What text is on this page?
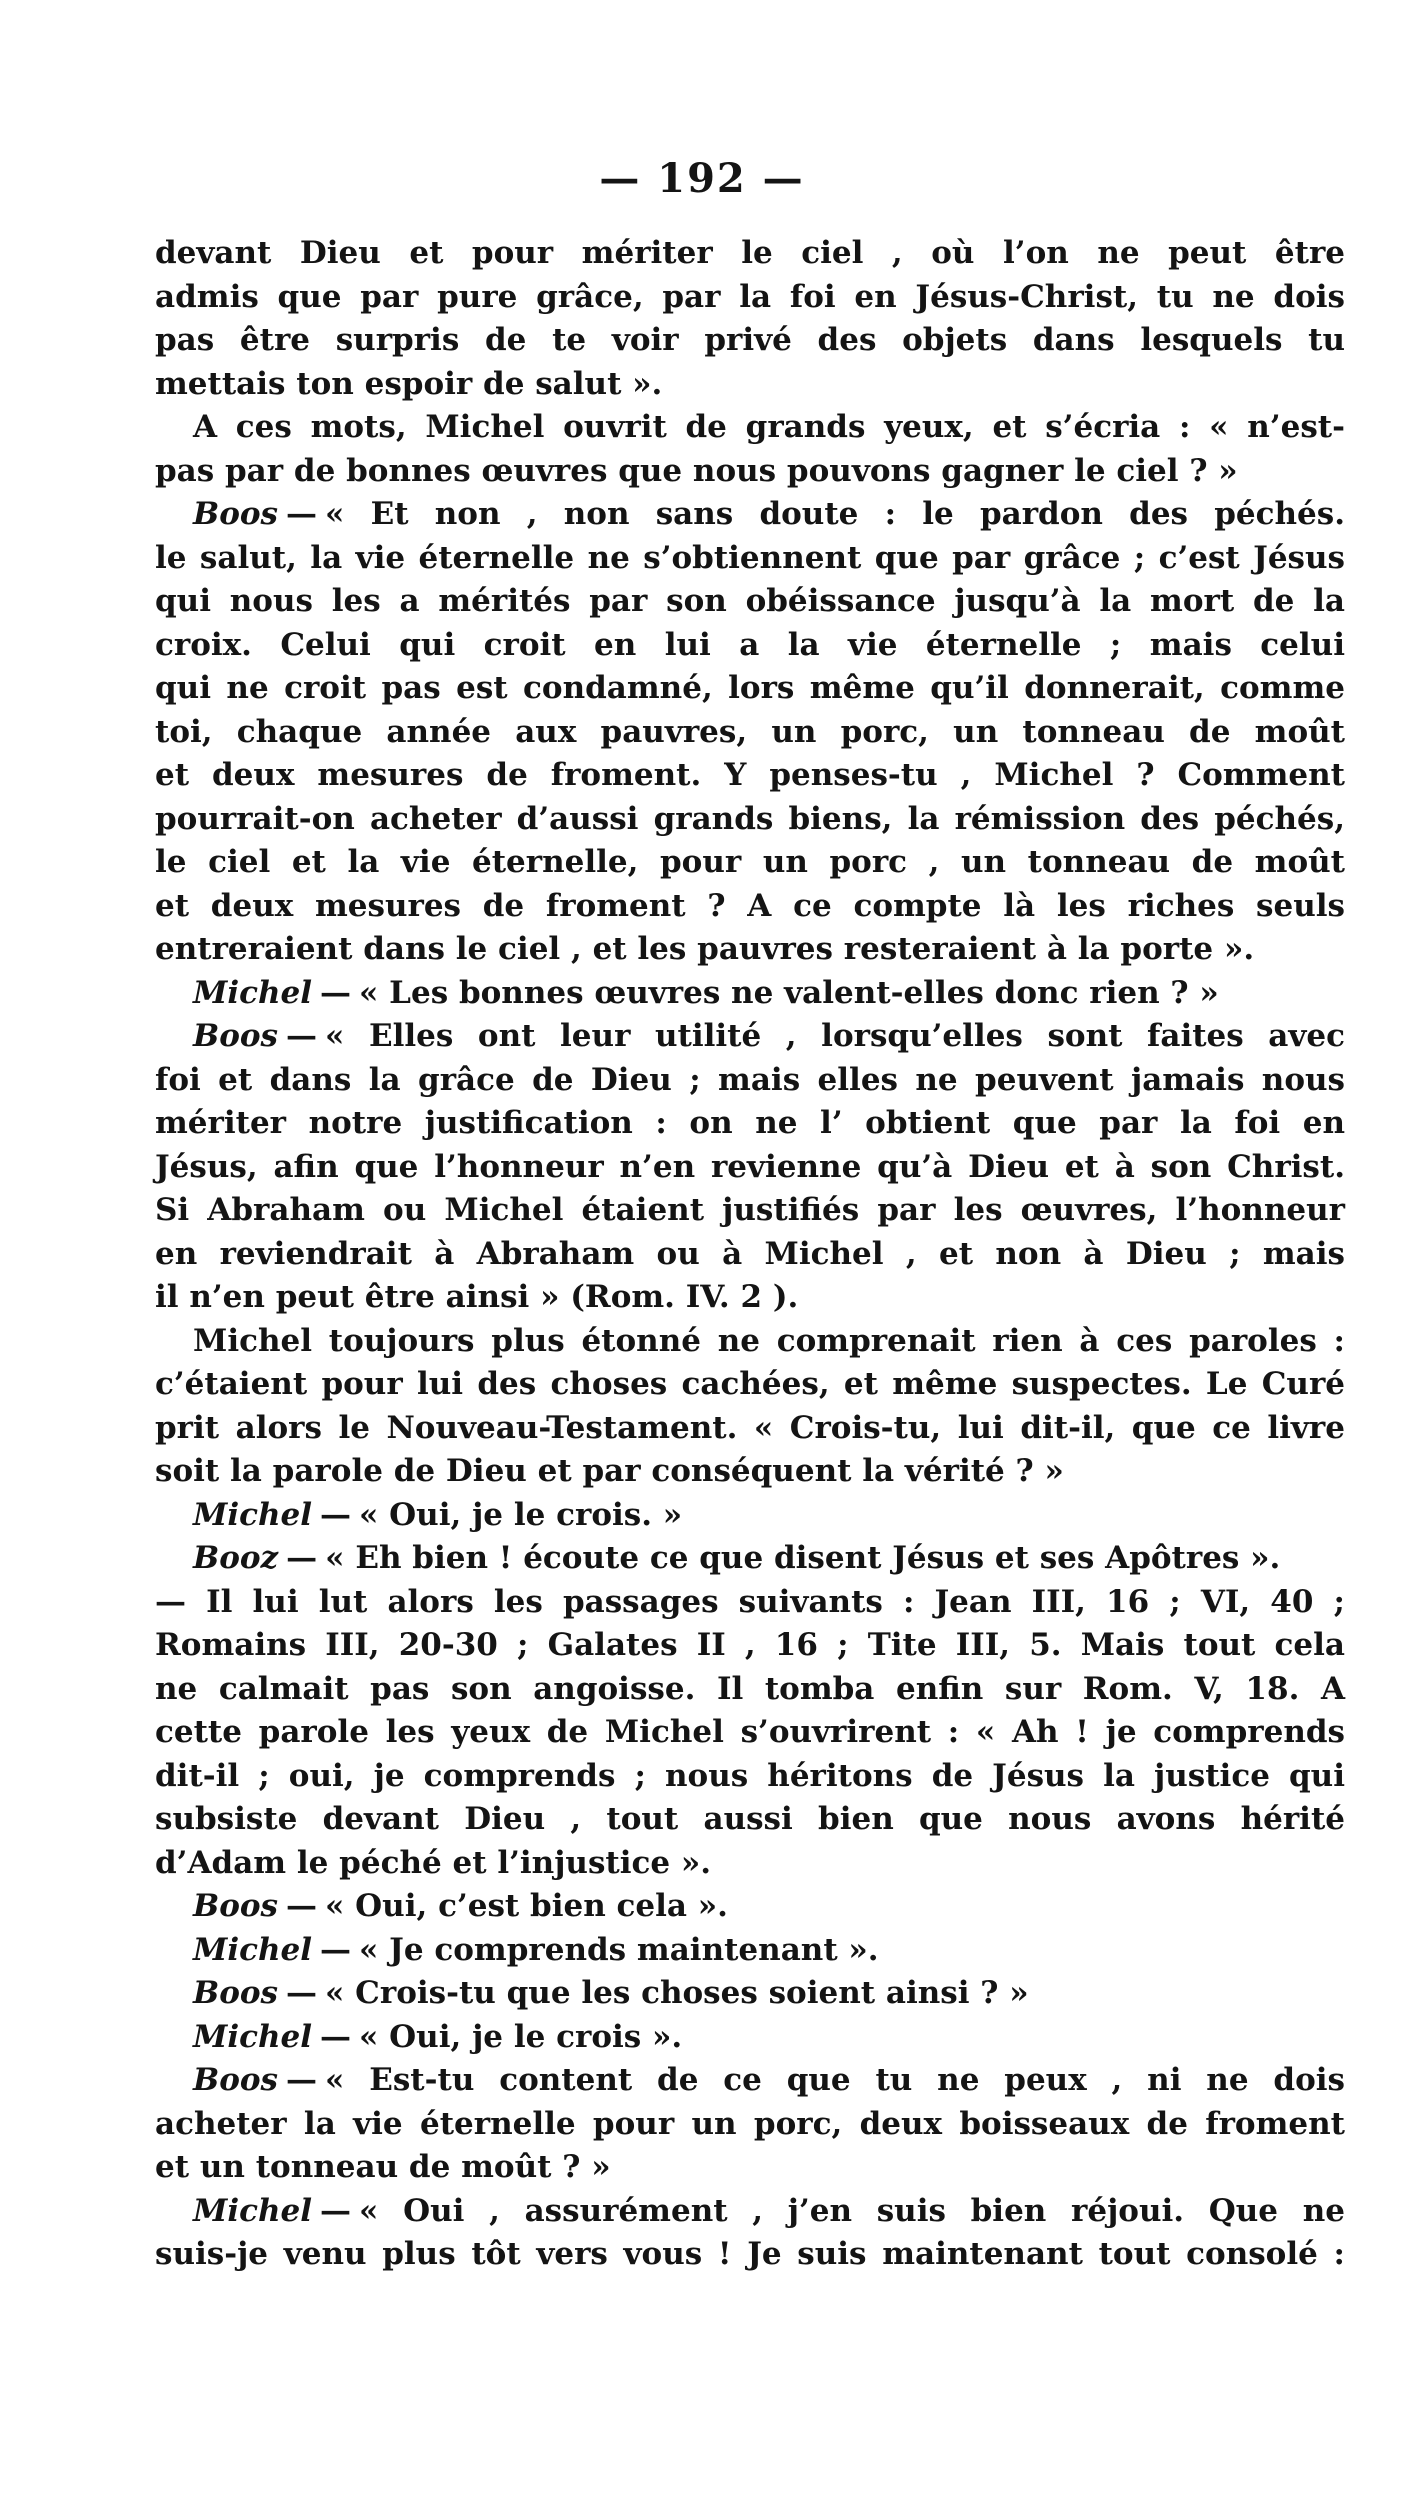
— 192 —
devant Dieu et pour mériter le ciel , où l’on ne peut être
admis que par pure grâce, par la foi en Jésus-Christ, tu ne dois
pas être surpris de te voir privé des objets dans lesquels tu
mettais ton espoir de salut ».
A ces mots, Michel ouvrit de grands yeux, et s’écria : « n’est-
pas par de bonnes œuvres que nous pouvons gagner le ciel ? »
Boos — « Et non , non sans doute : le pardon des péchés.
le salut, la vie éternelle ne s’obtiennent que par grâce ; c’est Jésus
qui nous les a mérités par son obéissance jusqu’à la mort de la
croix. Celui qui croit en lui a la vie éternelle ; mais celui
qui ne croit pas est condamné, lors même qu’il donnerait, comme
toi, chaque année aux pauvres, un porc, un tonneau de moût
et deux mesures de froment. Y penses-tu , Michel ? Comment
pourrait-on acheter d’aussi grands biens, la rémission des péchés,
le ciel et la vie éternelle, pour un porc , un tonneau de moût
et deux mesures de froment ? A ce compte là les riches seuls
entreraient dans le ciel , et les pauvres resteraient à la porte ».
Michel — « Les bonnes œuvres ne valent-elles donc rien ? »
Boos — « Elles ont leur utilité , lorsqu’elles sont faites avec
foi et dans la grâce de Dieu ; mais elles ne peuvent jamais nous
mériter notre justification : on ne l’ obtient que par la foi en
Jésus, afin que l’honneur n’en revienne qu’à Dieu et à son Christ.
Si Abraham ou Michel étaient justifiés par les œuvres, l’honneur
en reviendrait à Abraham ou à Michel , et non à Dieu ; mais
il n’en peut être ainsi » (Rom. IV. 2 ).
Michel toujours plus étonné ne comprenait rien à ces paroles :
c’étaient pour lui des choses cachées, et même suspectes. Le Curé
prit alors le Nouveau-Testament. « Crois-tu, lui dit-il, que ce livre
soit la parole de Dieu et par conséquent la vérité ? »
Michel — « Oui, je le crois. »
Booz — « Eh bien ! écoute ce que disent Jésus et ses Apôtres ».
— Il lui lut alors les passages suivants : Jean III, 16 ; VI, 40 ;
Romains III, 20-30 ; Galates II , 16 ; Tite III, 5. Mais tout cela
ne calmait pas son angoisse. Il tomba enfin sur Rom. V, 18. A
cette parole les yeux de Michel s’ouvrirent : « Ah ! je comprends
dit-il ; oui, je comprends ; nous héritons de Jésus la justice qui
subsiste devant Dieu , tout aussi bien que nous avons hérité
d’Adam le péché et l’injustice ».
Boos — « Oui, c’est bien cela ».
Michel — « Je comprends maintenant ».
Boos — « Crois-tu que les choses soient ainsi ? »
Michel — « Oui, je le crois ».
Boos — « Est-tu content de ce que tu ne peux , ni ne dois
acheter la vie éternelle pour un porc, deux boisseaux de froment
et un tonneau de moût ? »
Michel — « Oui , assurément , j’en suis bien réjoui. Que ne
suis-je venu plus tôt vers vous ! Je suis maintenant tout consolé :
